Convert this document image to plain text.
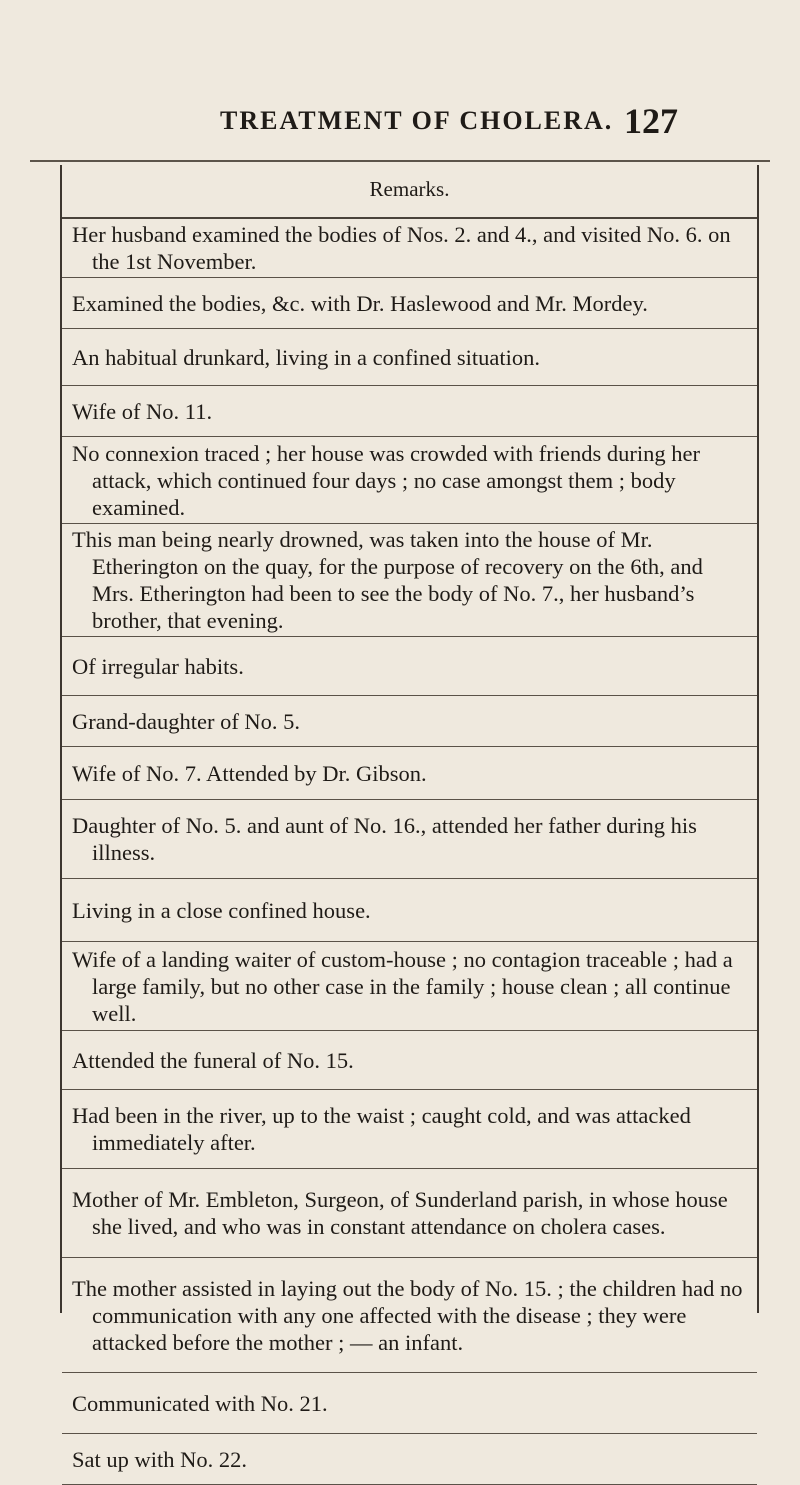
TREATMENT OF CHOLERA. 127
Remarks.
Her husband examined the bodies of Nos. 2. and 4., and visited No. 6. on the 1st November.
Examined the bodies, &c. with Dr. Haslewood and Mr. Mordey.
An habitual drunkard, living in a confined situation.
Wife of No. 11.
No connexion traced ; her house was crowded with friends during her attack, which continued four days ; no case amongst them ; body examined.
This man being nearly drowned, was taken into the house of Mr. Etherington on the quay, for the purpose of recovery on the 6th, and Mrs. Etherington had been to see the body of No. 7., her husband’s brother, that evening.
Of irregular habits.
Grand-daughter of No. 5.
Wife of No. 7. Attended by Dr. Gibson.
Daughter of No. 5. and aunt of No. 16., attended her father during his illness.
Living in a close confined house.
Wife of a landing waiter of custom-house ; no contagion traceable ; had a large family, but no other case in the family ; house clean ; all continue well.
Attended the funeral of No. 15.
Had been in the river, up to the waist ; caught cold, and was attacked immediately after.
Mother of Mr. Embleton, Surgeon, of Sunderland parish, in whose house she lived, and who was in constant attendance on cholera cases.
The mother assisted in laying out the body of No. 15. ; the children had no communication with any one affected with the disease ; they were attacked before the mother ; — an infant.
Communicated with No. 21.
Sat up with No. 22.
